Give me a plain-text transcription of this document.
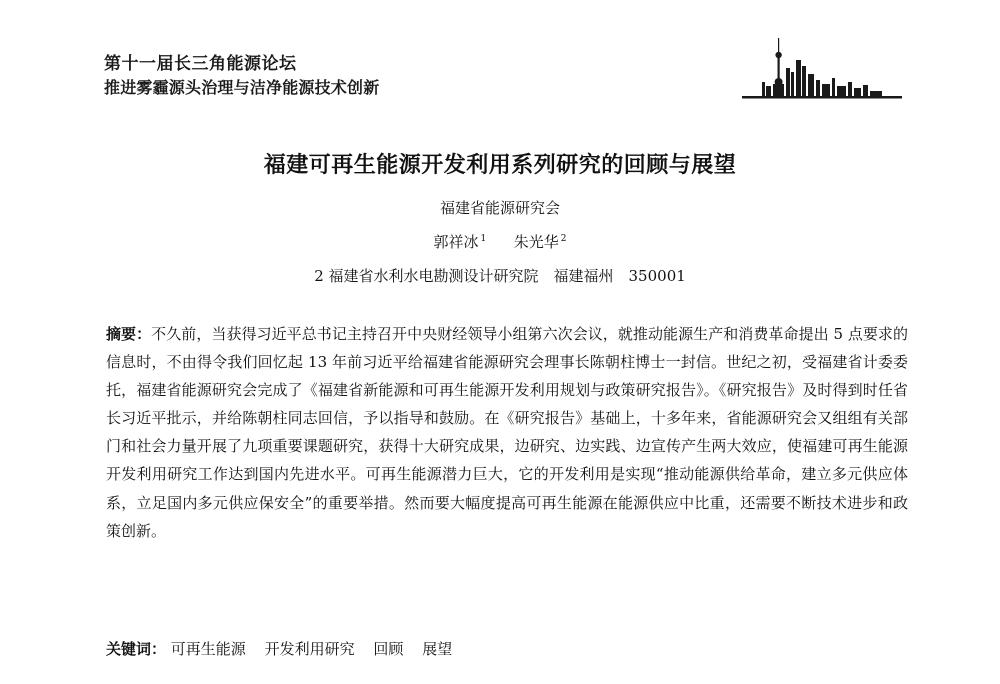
第十一届长三角能源论坛
推进雾霾源头治理与洁净能源技术创新
福建可再生能源开发利用系列研究的回顾与展望
福建省能源研究会
郭祥冰 $^1$ 朱光华 $^2$
2 福建省水利水电勘测设计研究院　福建福州　350001
摘要：不久前，当获得习近平总书记主持召开中央财经领导小组第六次会议，就推动能源生产和消费革命提出 5 点要求的信息时，不由得令我们回忆起 13 年前习近平给福建省能源研究会理事长陈朝柱博士一封信。世纪之初，受福建省计委委托，福建省能源研究会完成了《福建省新能源和可再生能源开发利用规划与政策研究报告》。《研究报告》及时得到时任省长习近平批示，并给陈朝柱同志回信，予以指导和鼓励。在《研究报告》基础上，十多年来，省能源研究会又组组有关部门和社会力量开展了九项重要课题研究，获得十大研究成果，边研究、边实践、边宣传产生两大效应，使福建可再生能源开发利用研究工作达到国内先进水平。可再生能源潜力巨大，它的开发利用是实现“推动能源供给革命，建立多元供应体系，立足国内多元供应保安全”的重要举措。然而要大幅度提高可再生能源在能源供应中比重，还需要不断技术进步和政策创新。
关键词： 可再生能源 开发利用研究 回顾 展望
